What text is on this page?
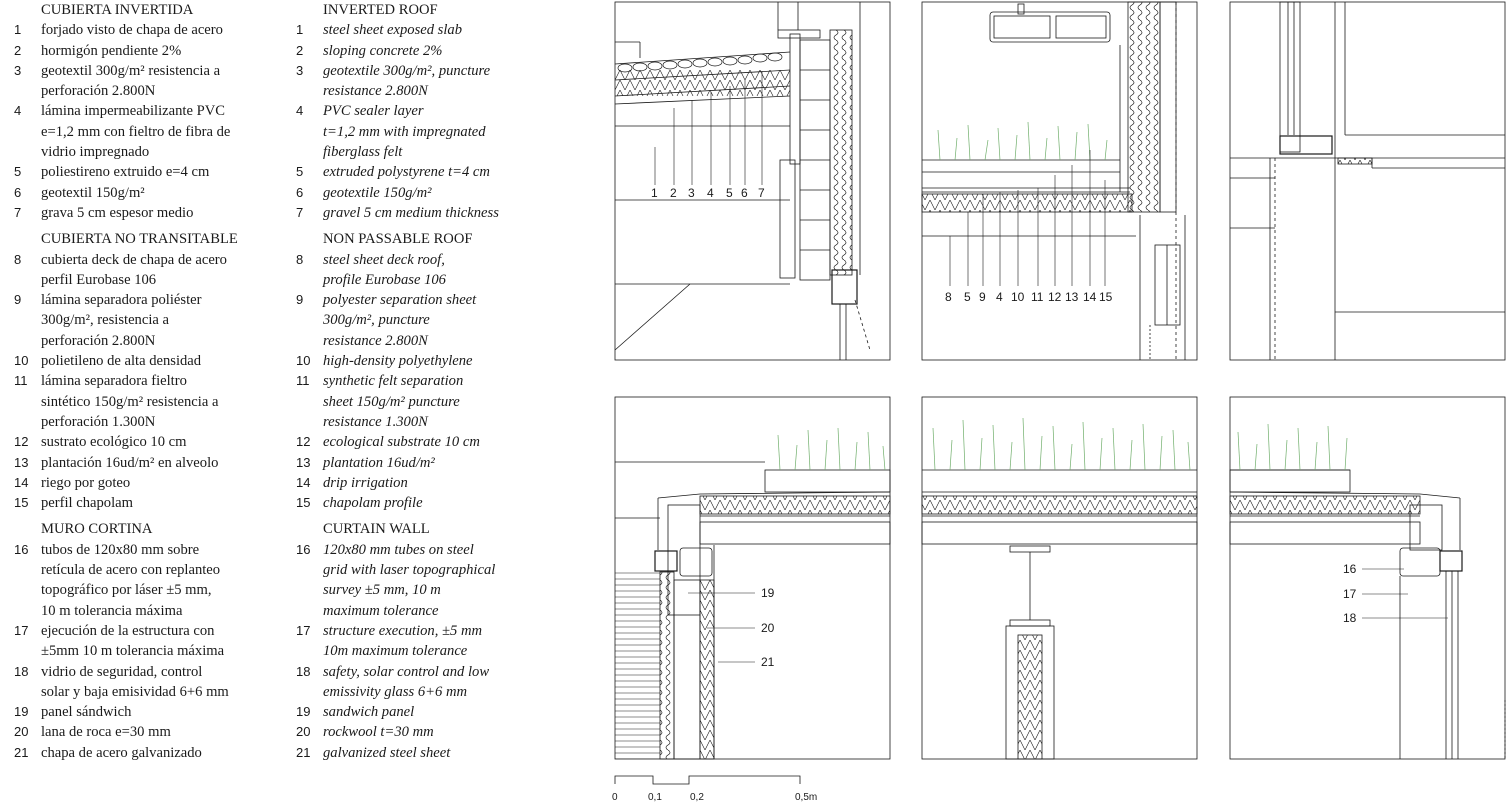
CUBIERTA INVERTIDA
1	forjado visto de chapa de acero
2	hormigón pendiente 2%
3	geotextil 300g/m² resistencia a
perforación 2.800N
4	lámina impermeabilizante PVC
e=1,2 mm con fieltro de fibra de
vidrio impregnado
5	poliestireno extruido e=4 cm
6	geotextil 150g/m²
7	grava 5 cm espesor medio
CUBIERTA NO TRANSITABLE
8	cubierta deck de chapa de acero
perfil Eurobase 106
9	lámina separadora poliéster
300g/m², resistencia a
perforación 2.800N
10 polietileno de alta densidad
11 lámina separadora fieltro
sintético 150g/m² resistencia a
perforación 1.300N
12 sustrato ecológico 10 cm
13 plantación 16ud/m² en alveolo
14 riego por goteo
15 perfil chapolam
MURO CORTINA
16 tubos de 120x80 mm sobre
retícula de acero con replanteo
topográfico por láser ±5 mm,
10 m tolerancia máxima
17 ejecución de la estructura con
±5mm 10 m tolerancia máxima
18 vidrio de seguridad, control
solar y baja emisividad 6+6 mm
19 panel sándwich
20 lana de roca e=30 mm
21 chapa de acero galvanizado
INVERTED ROOF
1	steel sheet exposed slab
2	sloping concrete 2%
3	geotextile 300g/m², puncture
resistance 2.800N
4	PVC sealer layer
t=1,2 mm with impregnated
fiberglass felt
5	extruded polystyrene t=4 cm
6	geotextile 150g/m²
7	gravel 5 cm medium thickness
NON PASSABLE ROOF
8	steel sheet deck roof,
profile Eurobase 106
9	polyester separation sheet
300g/m², puncture
resistance 2.800N
10 high-density polyethylene
11 synthetic felt separation
sheet 150g/m² puncture
resistance 1.300N
12 ecological substrate 10 cm
13 plantation 16ud/m²
14 drip irrigation
15 chapolam profile
CURTAIN WALL
16 120x80 mm tubes on steel
grid with laser topographical
survey ±5 mm, 10 m
maximum tolerance
17 structure execution, ±5 mm
10m maximum tolerance
18 safety, solar control and low
emissivity glass 6+6 mm
19 sandwich panel
20 rockwool t=30 mm
21 galvanized steel sheet
1 2 3 4 5 6 7
8 5 9 4 10 11 12 13 14 15
19
20
21
16
17
18
0	0,1	0,2	0,5m
